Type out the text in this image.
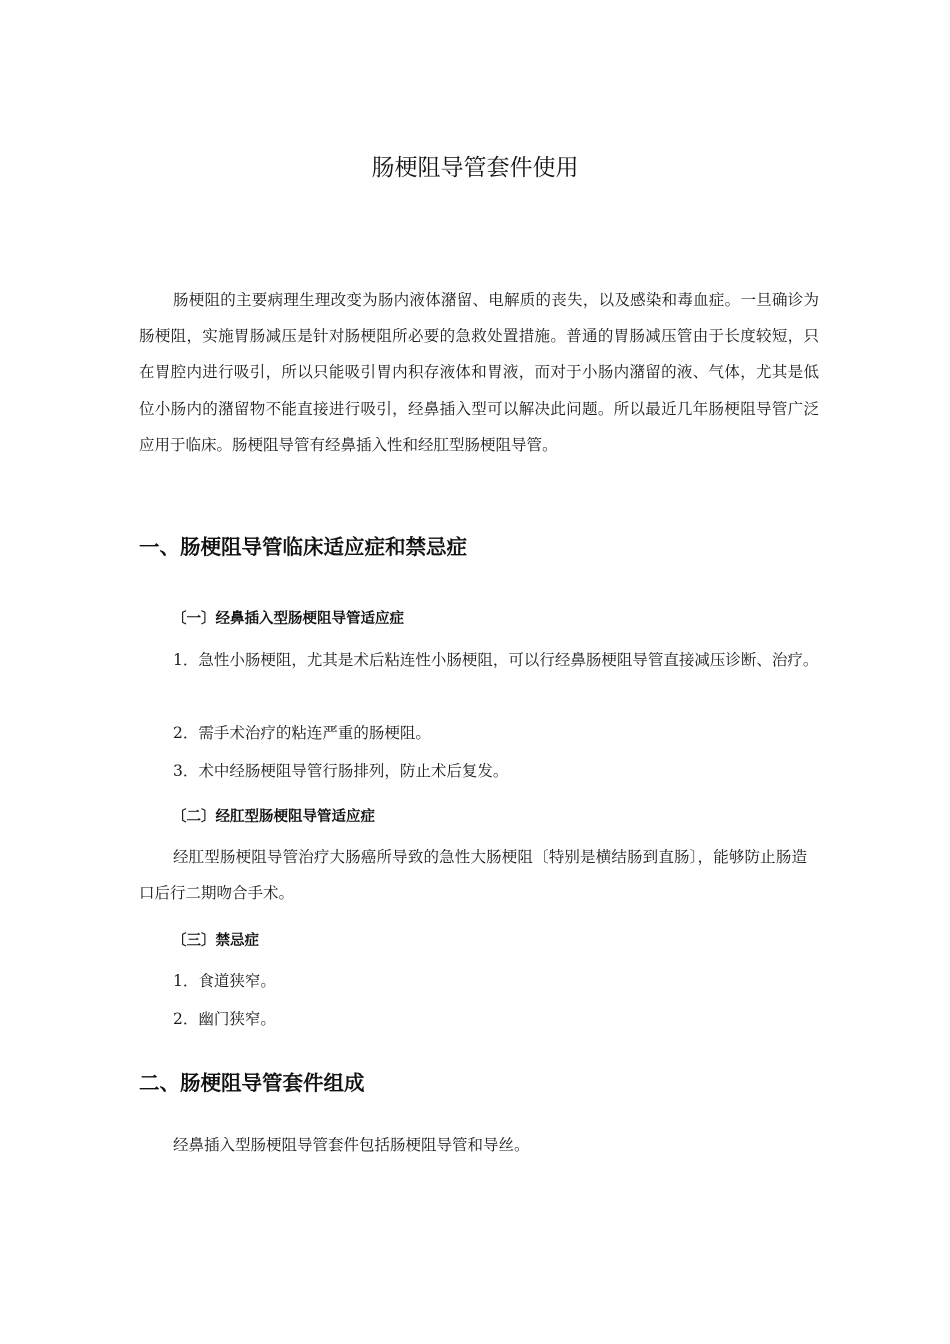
肠梗阻导管套件使用

肠梗阻的主要病理生理改变为肠内液体潴留、电解质的丧失，以及感染和毒血症。一旦确诊为肠梗阻，实施胃肠减压是针对肠梗阻所必要的急救处置措施。普通的胃肠减压管由于长度较短，只在胃腔内进行吸引，所以只能吸引胃内积存液体和胃液，而对于小肠内潴留的液、气体，尤其是低位小肠内的潴留物不能直接进行吸引，经鼻插入型可以解决此问题。所以最近几年肠梗阻导管广泛应用于临床。肠梗阻导管有经鼻插入性和经肛型肠梗阻导管。

一、肠梗阻导管临床适应症和禁忌症
〔一〕经鼻插入型肠梗阻导管适应症

1．急性小肠梗阻，尤其是术后粘连性小肠梗阻，可以行经鼻肠梗阻导管直接减压诊断、治疗。

2．需手术治疗的粘连严重的肠梗阻。

3．术中经肠梗阻导管行肠排列，防止术后复发。

〔二〕经肛型肠梗阻导管适应症

经肛型肠梗阻导管治疗大肠癌所导致的急性大肠梗阻〔特别是横结肠到直肠〕，能够防止肠造口后行二期吻合手术。

〔三〕禁忌症

1．食道狭窄。

2．幽门狭窄。

二、肠梗阻导管套件组成

经鼻插入型肠梗阻导管套件包括肠梗阻导管和导丝。
